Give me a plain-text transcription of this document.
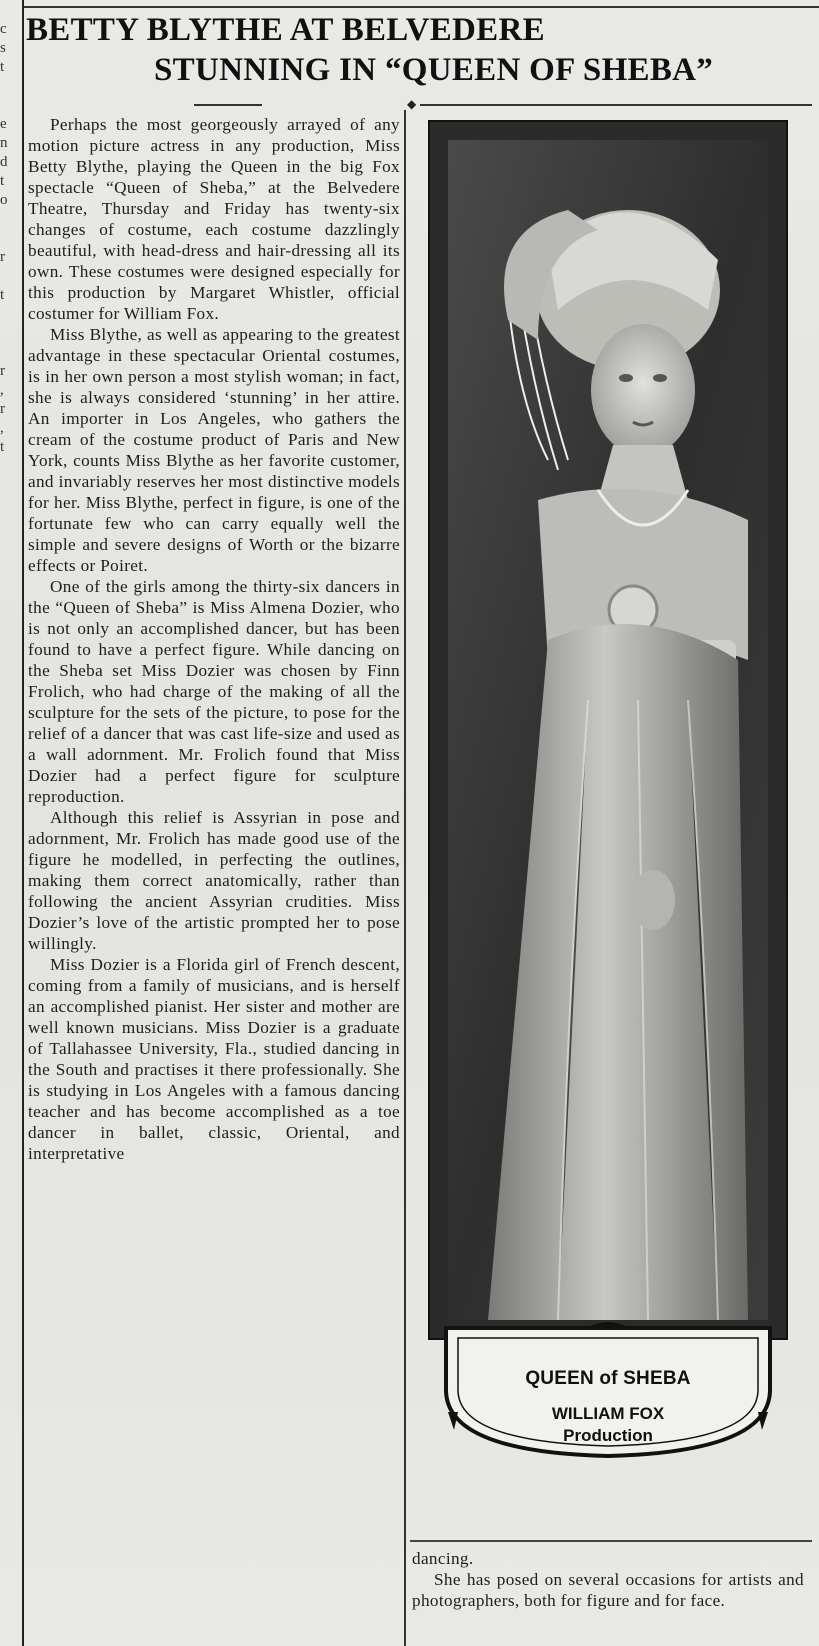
c
s
t

e
n
d
t
o

r

t

r
,
r
,
t
BETTY BLYTHE AT BELVEDERE
STUNNING IN “QUEEN OF SHEBA”
◆

Perhaps the most georgeously arrayed of any motion picture actress in any production, Miss Betty Blythe, playing the Queen in the big Fox spectacle “Queen of Sheba,” at the Belvedere Theatre, Thursday and Friday has twenty-six changes of costume, each costume dazzlingly beautiful, with head-dress and hair-dressing all its own. These costumes were designed especially for this production by Margaret Whistler, official costumer for William Fox.

Miss Blythe, as well as appearing to the greatest advantage in these spectacular Oriental costumes, is in her own person a most stylish woman; in fact, she is always considered ‘stunning’ in her attire. An importer in Los Angeles, who gathers the cream of the costume product of Paris and New York, counts Miss Blythe as her favorite customer, and invariably reserves her most distinctive models for her. Miss Blythe, perfect in figure, is one of the fortunate few who can carry equally well the simple and severe designs of Worth or the bizarre effects or Poiret.

One of the girls among the thirty-six dancers in the “Queen of Sheba” is Miss Almena Dozier, who is not only an accomplished dancer, but has been found to have a perfect figure. While dancing on the Sheba set Miss Dozier was chosen by Finn Frolich, who had charge of the making of all the sculpture for the sets of the picture, to pose for the relief of a dancer that was cast life-size and used as a wall adornment. Mr. Frolich found that Miss Dozier had a perfect figure for sculpture reproduction.

Although this relief is Assyrian in pose and adornment, Mr. Frolich has made good use of the figure he modelled, in perfecting the outlines, making them correct anatomically, rather than following the ancient Assyrian crudities. Miss Dozier’s love of the artistic prompted her to pose willingly.

Miss Dozier is a Florida girl of French descent, coming from a family of musicians, and is herself an accomplished pianist. Her sister and mother are well known musicians. Miss Dozier is a graduate of Tallahassee University, Fla., studied dancing in the South and practises it there professionally. She is studying in Los Angeles with a famous dancing teacher and has become accomplished as a toe dancer in ballet, classic, Oriental, and interpretative

QUEEN of SHEBA
WILLIAM FOX
Production

dancing.

She has posed on several occasions for artists and photographers, both for figure and for face.
